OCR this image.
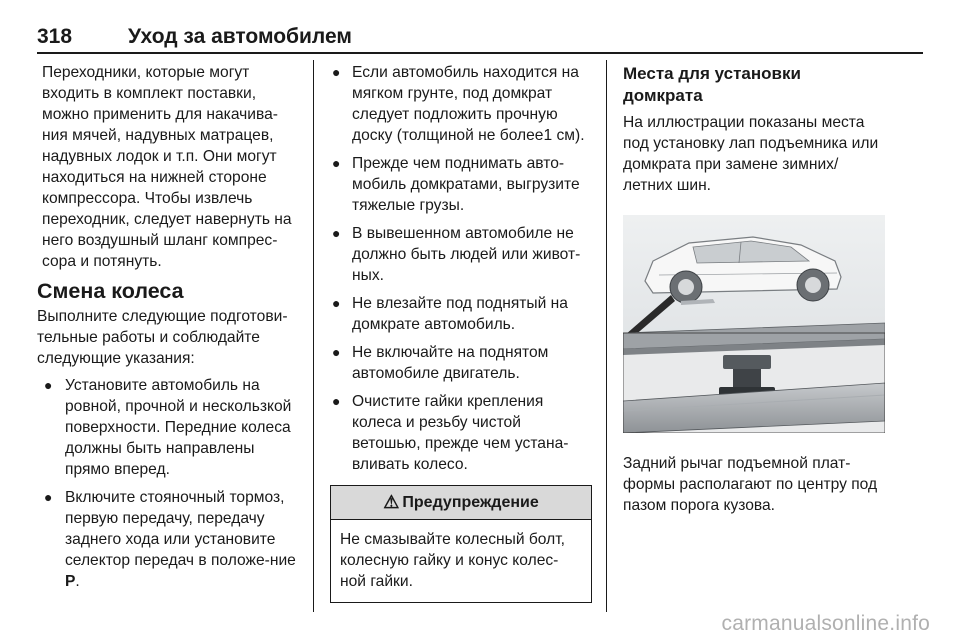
318	Уход за автомобилем

Переходники, которые могут входить в комплект поставки, можно применить для накачива-ния мячей, надувных матрацев, надувных лодок и т.п. Они могут находиться на нижней стороне компрессора. Чтобы извлечь переходник, следует навернуть на него воздушный шланг компрес-сора и потянуть.

Смена колеса

Выполните следующие подготови-тельные работы и соблюдайте следующие указания:

● Установите автомобиль на ровной, прочной и нескользкой поверхности. Передние колеса должны быть направлены прямо вперед.
● Включите стояночный тормоз, первую передачу, передачу заднего хода или установите селектор передач в положе-ние P.
● Если автомобиль находится на мягком грунте, под домкрат следует подложить прочную доску (толщиной не более1 см).
● Прежде чем поднимать авто-мобиль домкратами, выгрузите тяжелые грузы.
● В вывешенном автомобиле не должно быть людей или живот-ных.
● Не влезайте под поднятый на домкрате автомобиль.
● Не включайте на поднятом автомобиле двигатель.
● Очистите гайки крепления колеса и резьбу чистой ветошью, прежде чем устана-вливать колесо.
⚠ Предупреждение
Не смазывайте колесный болт, колесную гайку и конус колес-ной гайки.
Места для установки домкрата

На иллюстрации показаны места под установку лап подъемника или домкрата при замене зимних/ летних шин.

Задний рычаг подъемной плат-формы располагают по центру под пазом порога кузова.

carmanualsonline.info
